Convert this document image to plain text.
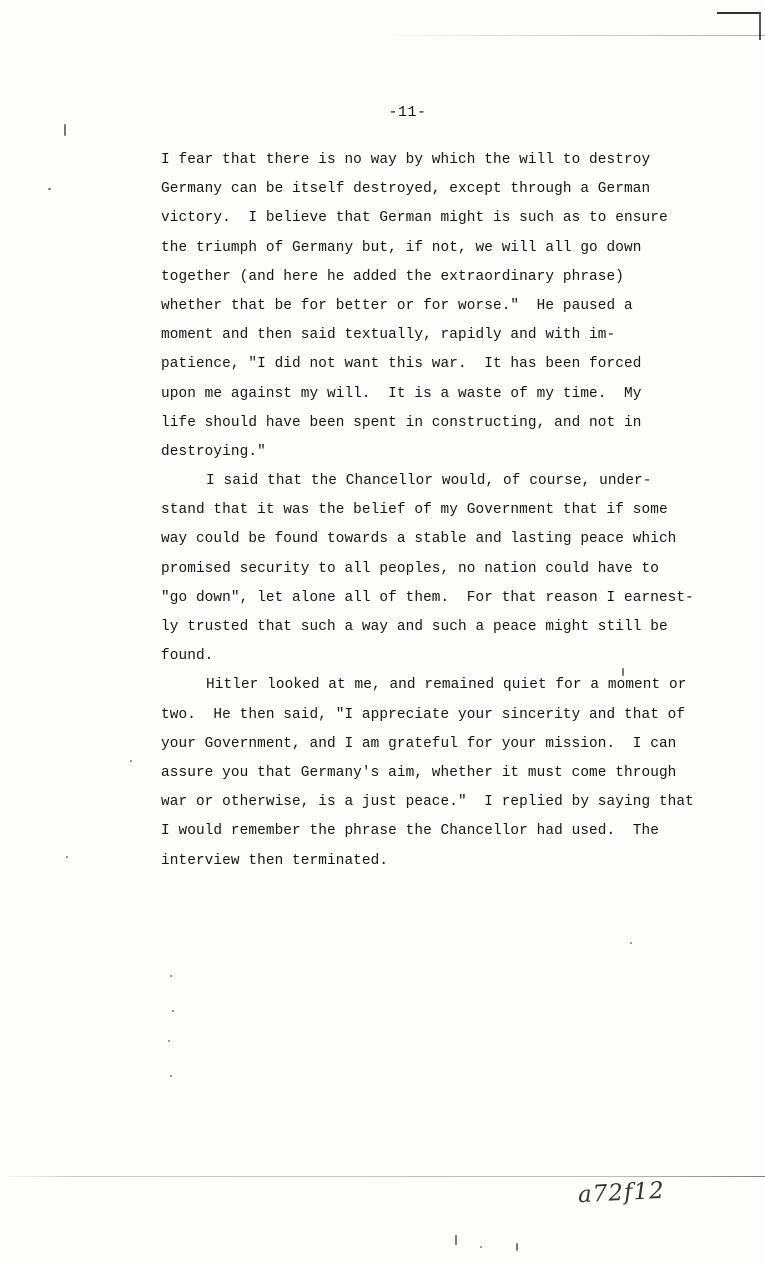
-11-
I fear that there is no way by which the will to destroy
Germany can be itself destroyed, except through a German
victory.  I believe that German might is such as to ensure
the triumph of Germany but, if not, we will all go down
together (and here he added the extraordinary phrase)
whether that be for better or for worse."  He paused a
moment and then said textually, rapidly and with im-
patience, "I did not want this war.  It has been forced
upon me against my will.  It is a waste of my time.  My
life should have been spent in constructing, and not in
destroying."
I said that the Chancellor would, of course, under-
stand that it was the belief of my Government that if some
way could be found towards a stable and lasting peace which
promised security to all peoples, no nation could have to
"go down", let alone all of them.  For that reason I earnest-
ly trusted that such a way and such a peace might still be
found.
Hitler looked at me, and remained quiet for a moment or
two.  He then said, "I appreciate your sincerity and that of
your Government, and I am grateful for your mission.  I can
assure you that Germany's aim, whether it must come through
war or otherwise, is a just peace."  I replied by saying that
I would remember the phrase the Chancellor had used.  The
interview then terminated.
a72f12
